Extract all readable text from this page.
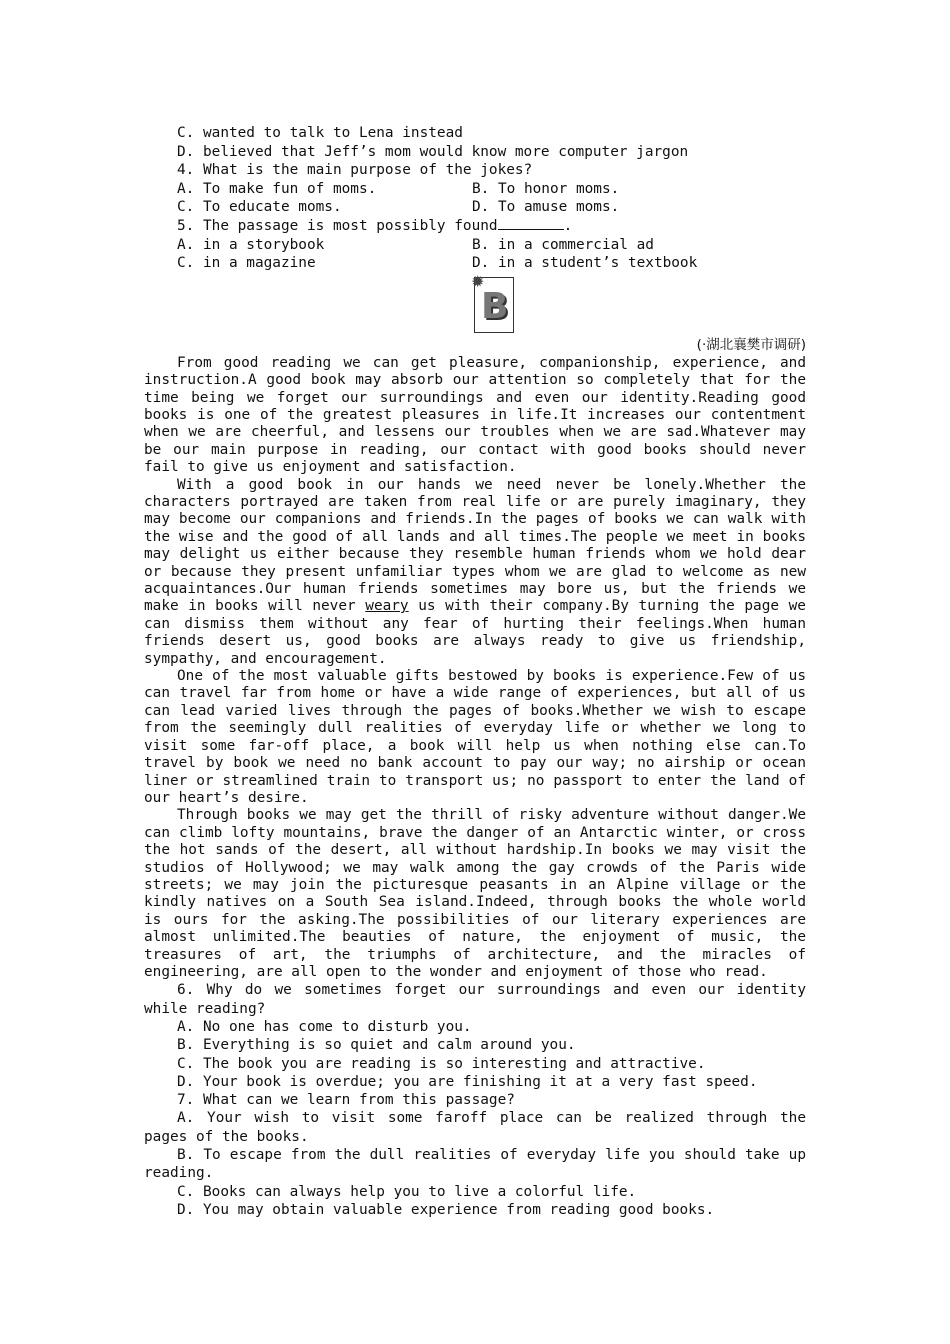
C. wanted to talk to Lena instead
D. believed that Jeff’s mom would know more computer jargon
4. What is the main purpose of the jokes?
A. To make fun of moms.	B. To honor moms.
C. To educate moms.	D. To amuse moms.
5. The passage is most possibly found	.
A. in a storybook	B. in a commercial ad
C. in a magazine	D. in a student’s textbook
✹
B
(·湖北襄樊市调研)

From good reading we can get pleasure, companionship, experience, and instruction.A good book may absorb our attention so completely that for the time being we forget our surroundings and even our identity.Reading good books is one of the greatest pleasures in life.It increases our contentment when we are cheerful, and lessens our troubles when we are sad.Whatever may be our main purpose in reading, our contact with good books should never fail to give us enjoyment and satisfaction.

With a good book in our hands we need never be lonely.Whether the characters portrayed are taken from real life or are purely imaginary, they may become our companions and friends.In the pages of books we can walk with the wise and the good of all lands and all times.The people we meet in books may delight us either because they resemble human friends whom we hold dear or because they present unfamiliar types whom we are glad to welcome as new acquaintances.Our human friends sometimes may bore us, but the friends we make in books will never weary us with their company.By turning the page we can dismiss them without any fear of hurting their feelings.When human friends desert us, good books are always ready to give us friendship, sympathy, and encouragement.

One of the most valuable gifts bestowed by books is experience.Few of us can travel far from home or have a wide range of experiences, but all of us can lead varied lives through the pages of books.Whether we wish to escape from the seemingly dull realities of everyday life or whether we long to visit some far-off place, a book will help us when nothing else can.To travel by book we need no bank account to pay our way; no airship or ocean liner or streamlined train to transport us; no passport to enter the land of our heart’s desire.

Through books we may get the thrill of risky adventure without danger.We can climb lofty mountains, brave the danger of an Antarctic winter, or cross the hot sands of the desert, all without hardship.In books we may visit the studios of Hollywood; we may walk among the gay crowds of the Paris wide streets; we may join the picturesque peasants in an Alpine village or the kindly natives on a South Sea island.Indeed, through books the whole world is ours for the asking.The possibilities of our literary experiences are almost unlimited.The beauties of nature, the enjoyment of music, the treasures of art, the triumphs of architecture, and the miracles of engineering, are all open to the wonder and enjoyment of those who read.

6. Why do we sometimes forget our surroundings and even our identity while reading?

A. No one has come to disturb you.

B. Everything is so quiet and calm around you.

C. The book you are reading is so interesting and attractive.

D. Your book is overdue; you are finishing it at a very fast speed.

7. What can we learn from this passage?

A. Your wish to visit some faroff place can be realized through the pages of the books.

B. To escape from the dull realities of everyday life you should take up reading.

C. Books can always help you to live a colorful life.

D. You may obtain valuable experience from reading good books.
